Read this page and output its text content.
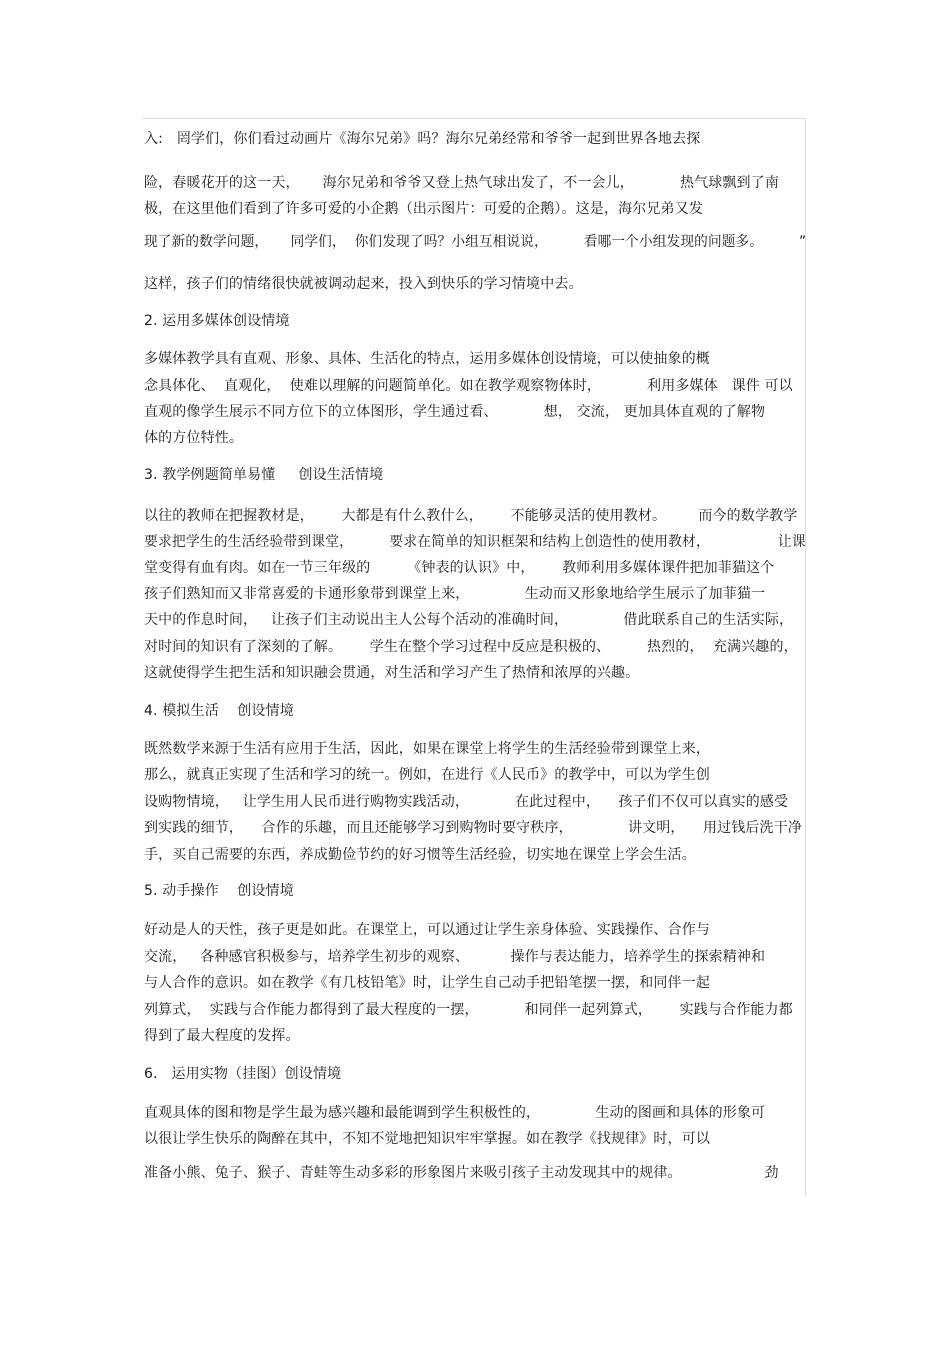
入:   罔学们，你们看过动画片《海尔兄弟》吗？海尔兄弟经常和爷爷一起到世界各地去探
险，春暖花开的这一天，     海尔兄弟和爷爷又登上热气球出发了，不一会儿，          热气球飘到了南
极，在这里他们看到了许多可爱的小企鹅（出示图片：可爱的企鹅）。这是，海尔兄弟又发
现了新的数学问题，     同学们，  你们发现了吗？小组互相说说，        看哪一个小组发现的问题多。        ”
这样，孩子们的情绪很快就被调动起来，投入到快乐的学习情境中去。
2. 运用多媒体创设情境
多媒体教学具有直观、形象、具体、生活化的特点，运用多媒体创设情境，可以使抽象的概
念具体化、  直观化，  使难以理解的问题简单化。如在教学观察物体时，          利用多媒体   课件 可以
直观的像学生展示不同方位下的立体图形，学生通过看、          想， 交流， 更加具体直观的了解物
体的方位特性。
3. 教学例题简单易懂     创设生活情境
以往的教师在把握教材是，      大都是有什么教什么，      不能够灵活的使用教材。       而今的数学教学
要求把学生的生活经验带到课堂，        要求在简单的知识框架和结构上创造性的使用教材，               让课
堂变得有血有肉。如在一节三年级的        《钟表的认识》中，      教师利用多媒体课件把加菲猫这个
孩子们熟知而又非常喜爱的卡通形象带到课堂上来，            生动而又形象地给学生展示了加菲猫一
天中的作息时间，   让孩子们主动说出主人公每个活动的准确时间，            借此联系自己的生活实际，
对时间的知识有了深刻的了解。      学生在整个学习过程中反应是积极的、        热烈的，  充满兴趣的，
这就使得学生把生活和知识融会贯通，对生活和学习产生了热情和浓厚的兴趣。
4. 模拟生活    创设情境
既然数学来源于生活有应用于生活，因此，如果在课堂上将学生的生活经验带到课堂上来，
那么，就真正实现了生活和学习的统一。例如，在进行《人民币》的教学中，可以为学生创
设购物情境，   让学生用人民币进行购物实践活动，          在此过程中，    孩子们不仅可以真实的感受
到实践的细节，    合作的乐趣，而且还能够学习到购物时要守秩序，            讲文明，    用过钱后洗干净
手，买自己需要的东西，养成勤俭节约的好习惯等生活经验，切实地在课堂上学会生活。
5. 动手操作    创设情境
好动是人的天性，孩子更是如此。在课堂上，可以通过让学生亲身体验、实践操作、合作与
交流，   各种感官积极参与，培养学生初步的观察、         操作与表达能力，培养学生的探索精神和
与人合作的意识。如在教学《有几枝铅笔》时，让学生自己动手把铅笔摆一摆，和同伴一起
列算式，  实践与合作能力都得到了最大程度的一摆，          和同伴一起列算式，      实践与合作能力都
得到了最大程度的发挥。
6.   运用实物（挂图）创设情境
直观具体的图和物是学生最为感兴趣和最能调到学生积极性的，            生动的图画和具体的形象可
以很让学生快乐的陶醉在其中，不知不觉地把知识牢牢掌握。如在教学《找规律》时，可以
准备小熊、兔子、猴子、青蛙等生动多彩的形象图片来吸引孩子主动发现其中的规律。                  劲
